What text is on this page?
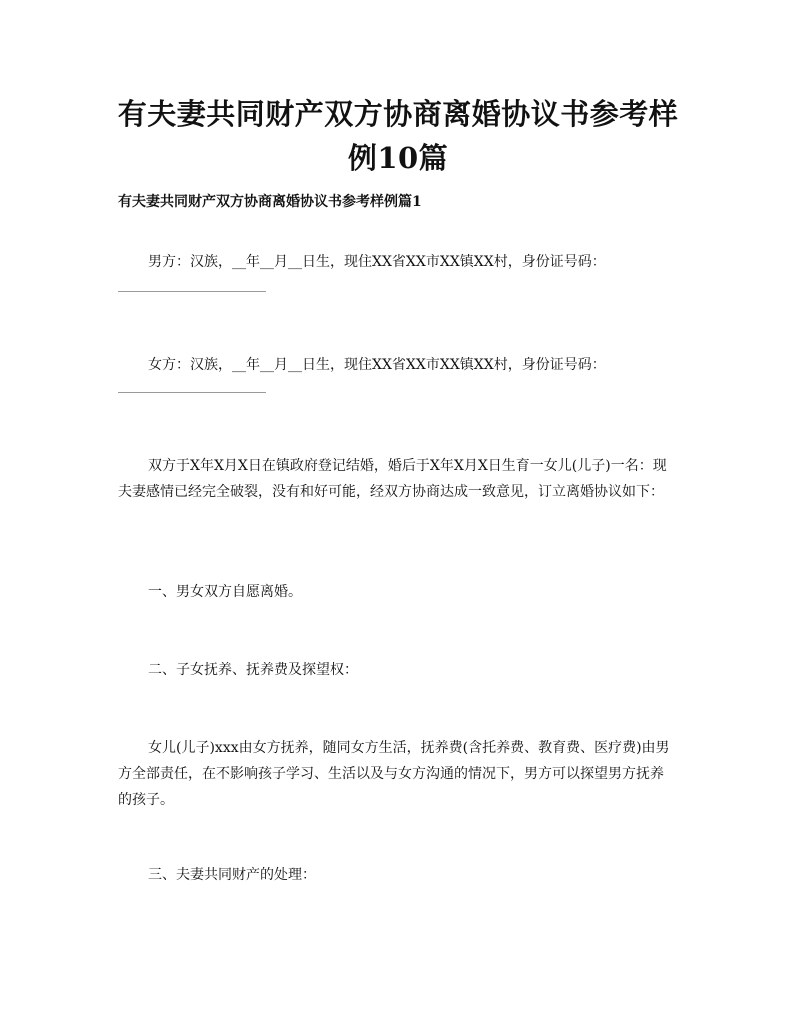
有夫妻共同财产双方协商离婚协议书参考样例10篇
有夫妻共同财产双方协商离婚协议书参考样例篇1

男方：汉族，__年__月__日生，现住XX省XX市XX镇XX村，身份证号码：

女方：汉族，__年__月__日生，现住XX省XX市XX镇XX村，身份证号码：

双方于X年X月X日在镇政府登记结婚，婚后于X年X月X日生育一女儿(儿子)一名：现夫妻感情已经完全破裂，没有和好可能，经双方协商达成一致意见，订立离婚协议如下：

一、男女双方自愿离婚。

二、子女抚养、抚养费及探望权：

女儿(儿子)xxx由女方抚养，随同女方生活，抚养费(含托养费、教育费、医疗费)由男方全部责任，在不影响孩子学习、生活以及与女方沟通的情况下，男方可以探望男方抚养的孩子。

三、夫妻共同财产的处理：
